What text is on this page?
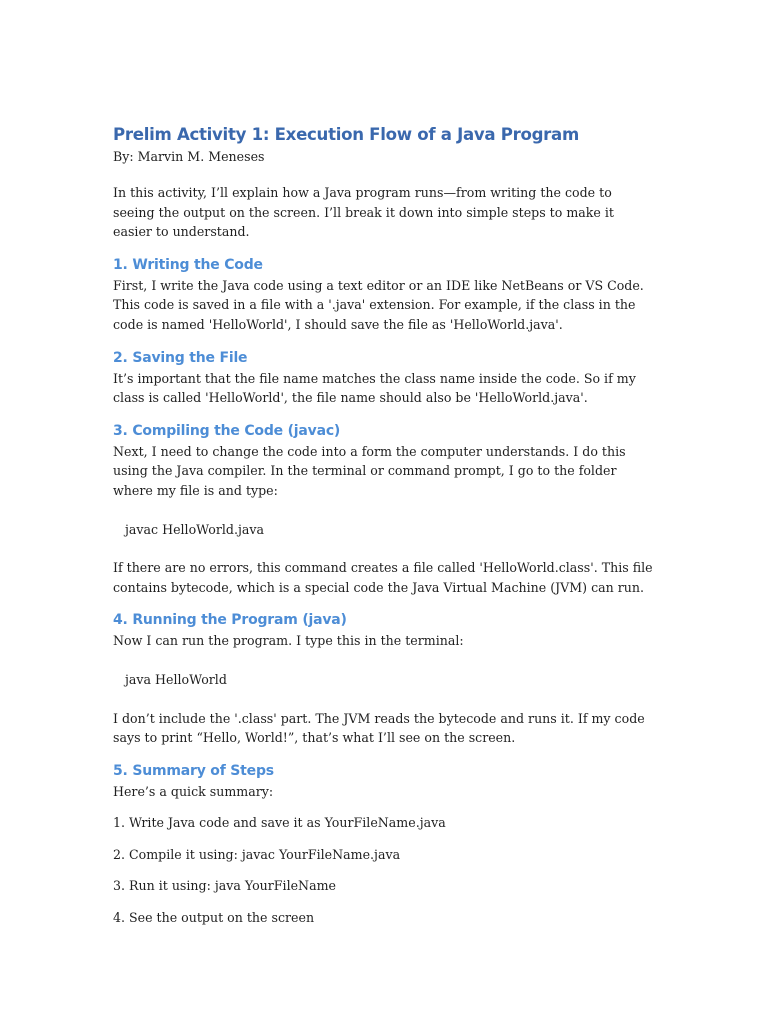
Prelim Activity 1: Execution Flow of a Java Program

By: Marvin M. Meneses

In this activity, I’ll explain how a Java program runs—from writing the code to seeing the output on the screen. I’ll break it down into simple steps to make it easier to understand.

1. Writing the Code

First, I write the Java code using a text editor or an IDE like NetBeans or VS Code. This code is saved in a file with a '.java' extension. For example, if the class in the code is named 'HelloWorld', I should save the file as 'HelloWorld.java'.

2. Saving the File

It’s important that the file name matches the class name inside the code. So if my class is called 'HelloWorld', the file name should also be 'HelloWorld.java'.

3. Compiling the Code (javac)

Next, I need to change the code into a form the computer understands. I do this using the Java compiler. In the terminal or command prompt, I go to the folder where my file is and type:

javac HelloWorld.java

If there are no errors, this command creates a file called 'HelloWorld.class'. This file contains bytecode, which is a special code the Java Virtual Machine (JVM) can run.

4. Running the Program (java)

Now I can run the program. I type this in the terminal:

java HelloWorld

I don’t include the '.class' part. The JVM reads the bytecode and runs it. If my code says to print “Hello, World!”, that’s what I’ll see on the screen.

5. Summary of Steps

Here’s a quick summary:

1. Write Java code and save it as YourFileName.java

2. Compile it using: javac YourFileName.java

3. Run it using: java YourFileName

4. See the output on the screen
